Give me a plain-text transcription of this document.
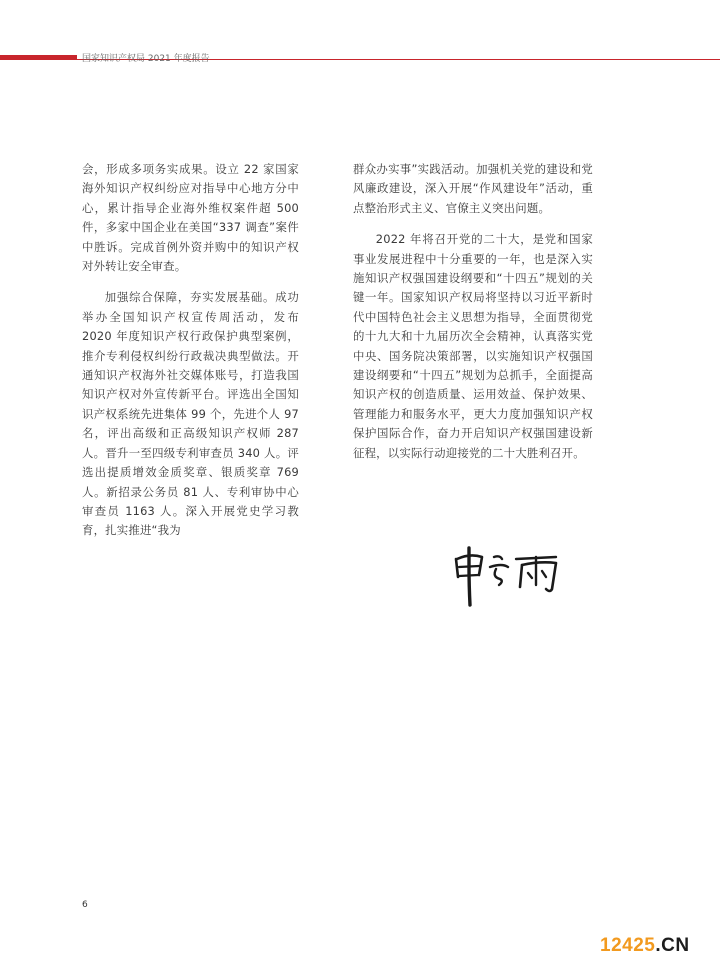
国家知识产权局 2021 年度报告

会，形成多项务实成果。设立 22 家国家海外知识产权纠纷应对指导中心地方分中心，累计指导企业海外维权案件超 500 件，多家中国企业在美国“337 调查”案件中胜诉。完成首例外资并购中的知识产权对外转让安全审查。

加强综合保障，夯实发展基础。成功举办全国知识产权宣传周活动，发布 2020 年度知识产权行政保护典型案例，推介专利侵权纠纷行政裁决典型做法。开通知识产权海外社交媒体账号，打造我国知识产权对外宣传新平台。评选出全国知识产权系统先进集体 99 个，先进个人 97 名，评出高级和正高级知识产权师 287 人。晋升一至四级专利审查员 340 人。评选出提质增效金质奖章、银质奖章 769 人。新招录公务员 81 人、专利审协中心审查员 1163 人。深入开展党史学习教育，扎实推进“我为

群众办实事”实践活动。加强机关党的建设和党风廉政建设，深入开展“作风建设年”活动，重点整治形式主义、官僚主义突出问题。

2022 年将召开党的二十大，是党和国家事业发展进程中十分重要的一年，也是深入实施知识产权强国建设纲要和“十四五”规划的关键一年。国家知识产权局将坚持以习近平新时代中国特色社会主义思想为指导，全面贯彻党的十九大和十九届历次全会精神，认真落实党中央、国务院决策部署，以实施知识产权强国建设纲要和“十四五”规划为总抓手，全面提高知识产权的创造质量、运用效益、保护效果、管理能力和服务水平，更大力度加强知识产权保护国际合作，奋力开启知识产权强国建设新征程，以实际行动迎接党的二十大胜利召开。

6
12425.CN
